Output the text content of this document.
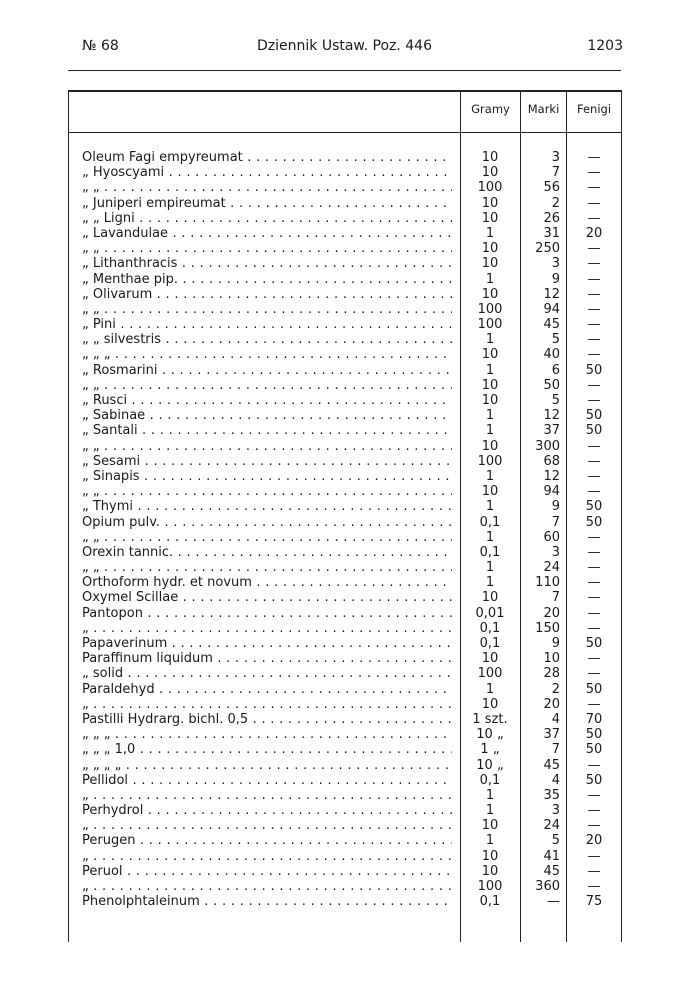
№ 68	Dziennik Ustaw. Poz. 446	1203
Gramy	Marki	Fenigi
Oleum Fagi empyreumat . . .	10	3	—
„ Hyoscyami . . .	10	7	—
„ „ . . .	100	56	—
„ Juniperi empireumat . . .	10	2	—
„ „ Ligni . . .	10	26	—
„ Lavandulae . . .	1	31	20
„ „ . . .	10	250	—
„ Lithanthracis . . .	10	3	—
„ Menthae pip. . . .	1	9	—
„ Olivarum . . .	10	12	—
„ „ . . .	100	94	—
„ Pini . . .	100	45	—
„ „ silvestris . . .	1	5	—
„ „ „ . . .	10	40	—
„ Rosmarini . . .	1	6	50
„ „ . . .	10	50	—
„ Rusci . . .	10	5	—
„ Sabinae . . .	1	12	50
„ Santali . . .	1	37	50
„ „ . . .	10	300	—
„ Sesami . . .	100	68	—
„ Sinapis . . .	1	12	—
„ „ . . .	10	94	—
„ Thymi . . .	1	9	50
Opium pulv. . . .	0,1	7	50
„ „ . . .	1	60	—
Orexin tannic. . . .	0,1	3	—
„ „ . . .	1	24	—
Orthoform hydr. et novum . . .	1	110	—
Oxymel Scillae . . .	10	7	—
Pantopon . . .	0,01	20	—
„ . . .	0,1	150	—
Papaverinum . . .	0,1	9	50
Paraffinum liquidum . . .	10	10	—
„ solid . . .	100	28	—
Paraldehyd . . .	1	2	50
„ . . .	10	20	—
Pastilli Hydrarg. bichl. 0,5 . . .	1 szt.	4	70
„ „ „ . . .	10 „	37	50
„ „ „ 1,0 . . .	1 „	7	50
„ „ „ „ . . .	10 „	45	—
Pellidol . . .	0,1	4	50
„ . . .	1	35	—
Perhydrol . . .	1	3	—
„ . . .	10	24	—
Perugen . . .	1	5	20
„ . . .	10	41	—
Peruol . . .	10	45	—
„ . . .	100	360	—
Phenolphtaleinum . . .	0,1	—	75
